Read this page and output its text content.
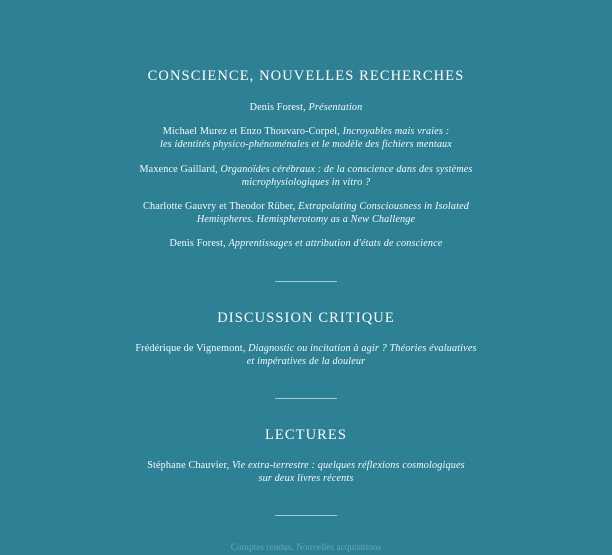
CONSCIENCE, NOUVELLES RECHERCHES
Denis Forest, Présentation
Michael Murez et Enzo Thouvaro-Corpel, Incroyables mais vraies :
les identités physico-phénoménales et le modèle des fichiers mentaux
Maxence Gaillard, Organoïdes cérébraux : de la conscience dans des systèmes
microphysiologiques in vitro ?
Charlotte Gauvry et Theodor Rüber, Extrapolating Consciousness in Isolated
Hemispheres. Hemispherotomy as a New Challenge
Denis Forest, Apprentissages et attribution d'états de conscience
DISCUSSION CRITIQUE
Frédérique de Vignemont, Diagnostic ou incitation à agir ? Théories évaluatives
et impératives de la douleur
LECTURES
Stéphane Chauvier, Vie extra-terrestre : quelques réflexions cosmologiques
sur deux livres récents
Comptes rendus. Nouvelles acquisitions
